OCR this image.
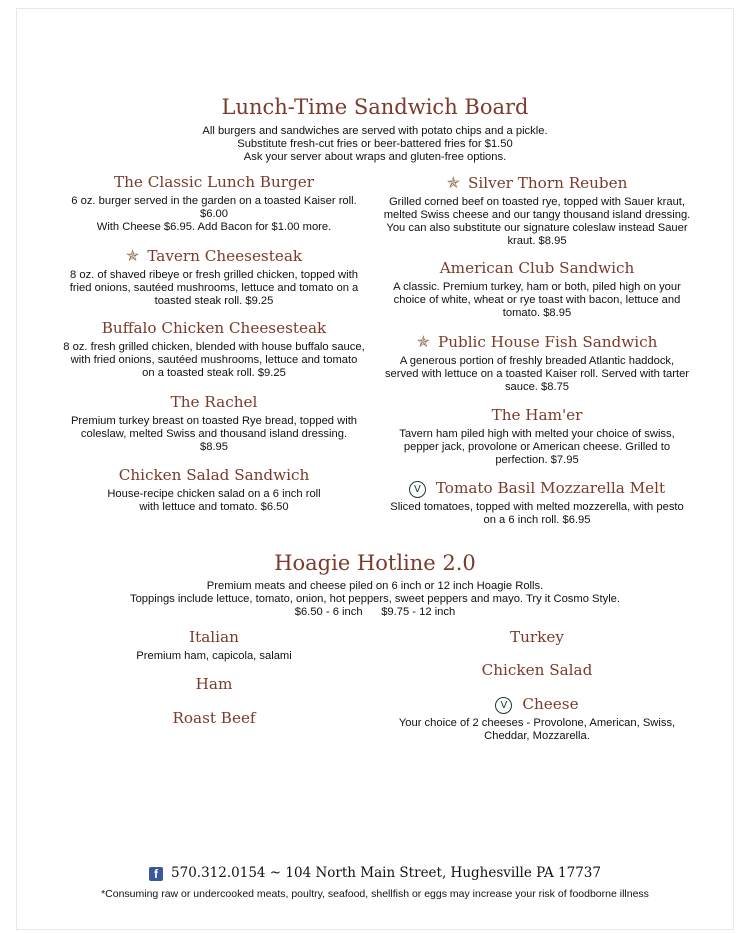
Lunch-Time Sandwich Board
All burgers and sandwiches are served with potato chips and a pickle.
Substitute fresh-cut fries or beer-battered fries for $1.50
Ask your server about wraps and gluten-free options.
The Classic Lunch Burger
6 oz. burger served in the garden on a toasted Kaiser roll.
$6.00
With Cheese $6.95. Add Bacon for $1.00 more.
✯ Tavern Cheesesteak
8 oz. of shaved ribeye or fresh grilled chicken, topped with fried onions, sautéed mushrooms, lettuce and tomato on a toasted steak roll. $9.25
Buffalo Chicken Cheesesteak
8 oz. fresh grilled chicken, blended with house buffalo sauce, with fried onions, sautéed mushrooms, lettuce and tomato on a toasted steak roll. $9.25
The Rachel
Premium turkey breast on toasted Rye bread, topped with coleslaw, melted Swiss and thousand island dressing.
$8.95
Chicken Salad Sandwich
House-recipe chicken salad on a 6 inch roll
with lettuce and tomato. $6.50
✯ Silver Thorn Reuben
Grilled corned beef on toasted rye, topped with Sauer kraut, melted Swiss cheese and our tangy thousand island dressing. You can also substitute our signature coleslaw instead Sauer kraut. $8.95
American Club Sandwich
A classic. Premium turkey, ham or both, piled high on your choice of white, wheat or rye toast with bacon, lettuce and tomato. $8.95
✯ Public House Fish Sandwich
A generous portion of freshly breaded Atlantic haddock, served with lettuce on a toasted Kaiser roll. Served with tarter sauce. $8.75
The Ham'er
Tavern ham piled high with melted your choice of swiss, pepper jack, provolone or American cheese. Grilled to perfection. $7.95
V Tomato Basil Mozzarella Melt
Sliced tomatoes, topped with melted mozzerella, with pesto on a 6 inch roll. $6.95
Hoagie Hotline 2.0
Premium meats and cheese piled on 6 inch or 12 inch Hoagie Rolls.
Toppings include lettuce, tomato, onion, hot peppers, sweet peppers and mayo. Try it Cosmo Style.
$6.50 - 6 inch      $9.75 - 12 inch
Italian
Premium ham, capicola, salami
Ham
Roast Beef
Turkey
Chicken Salad
V Cheese
Your choice of 2 cheeses - Provolone, American, Swiss, Cheddar, Mozzarella.
f 570.312.0154 ~ 104 North Main Street, Hughesville PA 17737
*Consuming raw or undercooked meats, poultry, seafood, shellfish or eggs may increase your risk of foodborne illness
